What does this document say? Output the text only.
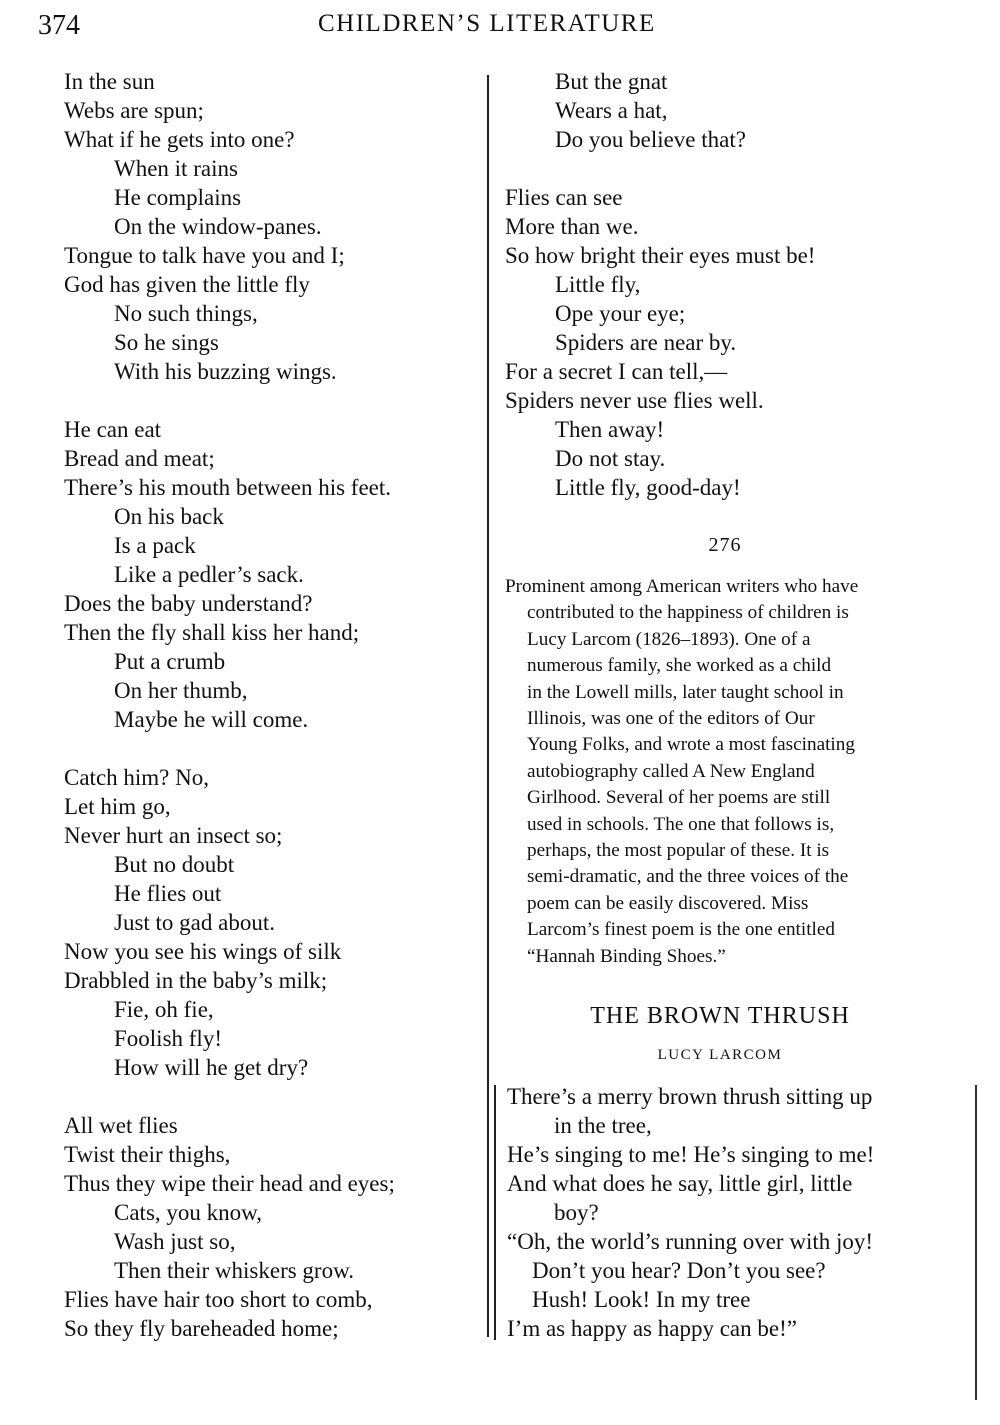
374	CHILDREN’S LITERATURE
In the sun
Webs are spun;
What if he gets into one?
When it rains
He complains
On the window-panes.
Tongue to talk have you and I;
God has given the little fly
No such things,
So he sings
With his buzzing wings.

He can eat
Bread and meat;
There’s his mouth between his feet.
On his back
Is a pack
Like a pedler’s sack.
Does the baby understand?
Then the fly shall kiss her hand;
Put a crumb
On her thumb,
Maybe he will come.

Catch him? No,
Let him go,
Never hurt an insect so;
But no doubt
He flies out
Just to gad about.
Now you see his wings of silk
Drabbled in the baby’s milk;
Fie, oh fie,
Foolish fly!
How will he get dry?

All wet flies
Twist their thighs,
Thus they wipe their head and eyes;
Cats, you know,
Wash just so,
Then their whiskers grow.
Flies have hair too short to comb,
So they fly bareheaded home;
But the gnat
Wears a hat,
Do you believe that?

Flies can see
More than we.
So how bright their eyes must be!
Little fly,
Ope your eye;
Spiders are near by.
For a secret I can tell,—
Spiders never use flies well.
Then away!
Do not stay.
Little fly, good-day!
276
Prominent among American writers who have
contributed to the happiness of children is
Lucy Larcom (1826–1893). One of a
numerous family, she worked as a child
in the Lowell mills, later taught school in
Illinois, was one of the editors of Our
Young Folks, and wrote a most fascinating
autobiography called A New England
Girlhood. Several of her poems are still
used in schools. The one that follows is,
perhaps, the most popular of these. It is
semi-dramatic, and the three voices of the
poem can be easily discovered. Miss
Larcom’s finest poem is the one entitled
“Hannah Binding Shoes.”
THE BROWN THRUSH
LUCY LARCOM
There’s a merry brown thrush sitting up
in the tree,
He’s singing to me! He’s singing to me!
And what does he say, little girl, little
boy?
“Oh, the world’s running over with joy!
Don’t you hear? Don’t you see?
Hush! Look! In my tree
I’m as happy as happy can be!”
